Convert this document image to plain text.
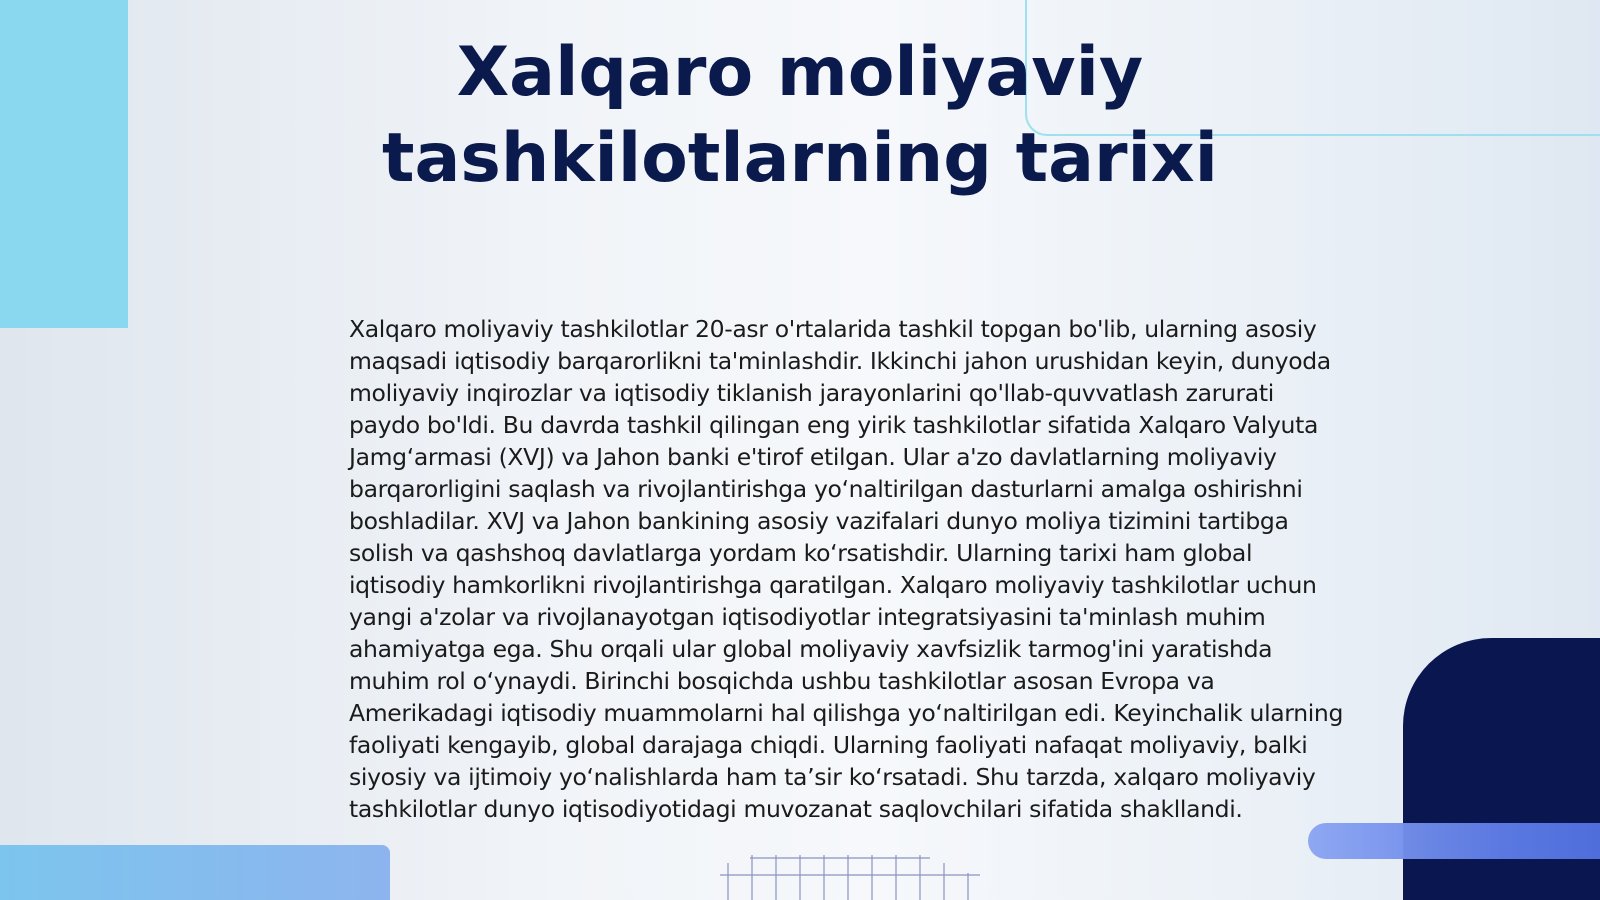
Xalqaro moliyaviy tashkilotlarning tarixi

Xalqaro moliyaviy tashkilotlar 20-asr o'rtalarida tashkil topgan bo'lib, ularning asosiy maqsadi iqtisodiy barqarorlikni ta'minlashdir. Ikkinchi jahon urushidan keyin, dunyoda moliyaviy inqirozlar va iqtisodiy tiklanish jarayonlarini qo'llab-quvvatlash zarurati paydo bo'ldi. Bu davrda tashkil qilingan eng yirik tashkilotlar sifatida Xalqaro Valyuta Jamg‘armasi (XVJ) va Jahon banki e'tirof etilgan. Ular a'zo davlatlarning moliyaviy barqarorligini saqlash va rivojlantirishga yo‘naltirilgan dasturlarni amalga oshirishni boshladilar. XVJ va Jahon bankining asosiy vazifalari dunyo moliya tizimini tartibga solish va qashshoq davlatlarga yordam ko‘rsatishdir. Ularning tarixi ham global iqtisodiy hamkorlikni rivojlantirishga qaratilgan. Xalqaro moliyaviy tashkilotlar uchun yangi a'zolar va rivojlanayotgan iqtisodiyotlar integratsiyasini ta'minlash muhim ahamiyatga ega. Shu orqali ular global moliyaviy xavfsizlik tarmog'ini yaratishda muhim rol o‘ynaydi. Birinchi bosqichda ushbu tashkilotlar asosan Evropa va Amerikadagi iqtisodiy muammolarni hal qilishga yo‘naltirilgan edi. Keyinchalik ularning faoliyati kengayib, global darajaga chiqdi. Ularning faoliyati nafaqat moliyaviy, balki siyosiy va ijtimoiy yo‘nalishlarda ham ta’sir ko‘rsatadi. Shu tarzda, xalqaro moliyaviy tashkilotlar dunyo iqtisodiyotidagi muvozanat saqlovchilari sifatida shakllandi.
